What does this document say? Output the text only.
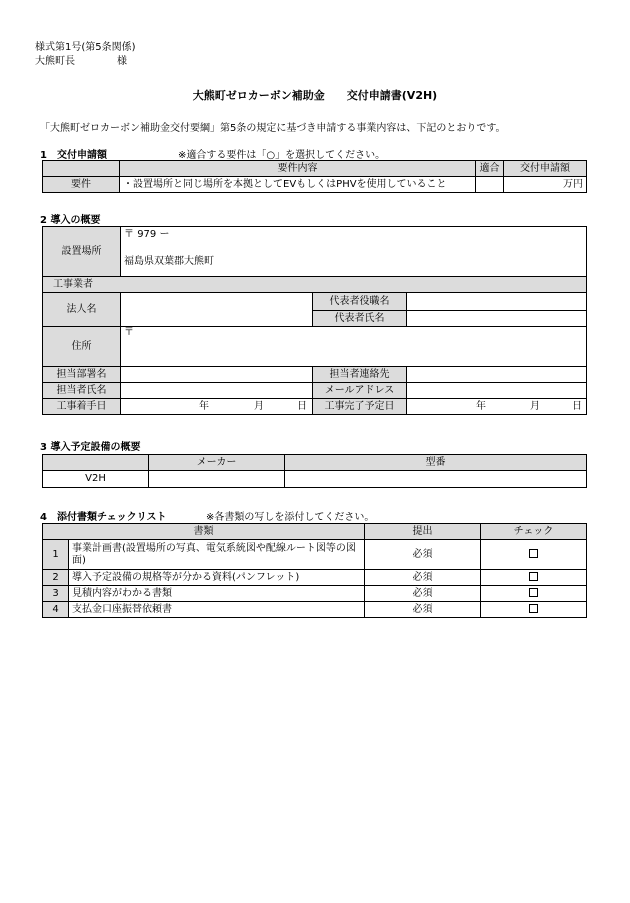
様式第1号(第5条関係)
大熊町長	様
大熊町ゼロカーボン補助金　　交付申請書(V2H)
「大熊町ゼロカーボン補助金交付要綱」第5条の規定に基づき申請する事業内容は、下記のとおりです。
1　交付申請額	※適合する要件は「○」を選択してください。
	要件内容	適合	交付申請額
要件	・設置場所と同じ場所を本拠としてEVもしくはPHVを使用していること		万円
2 導入の概要
設置場所	〒 979 ー
福島県双葉郡大熊町		

工事業者			
法人名		代表者役職名	
		代表者氏名	
住所	〒		
担当部署名		担当者連絡先	
担当者氏名		メールアドレス	
工事着手日	年 月 日	工事完了予定日	年 月 日
3 導入予定設備の概要
	メーカー	型番
V2H		
4　添付書類チェックリスト	※各書類の写しを添付してください。
書類		提出	チェック
1	事業計画書(設置場所の写真、電気系統図や配線ルート図等の図面)	必須	
2	導入予定設備の規格等が分かる資料(パンフレット)	必須	
3	見積内容がわかる書類	必須	
4	支払金口座振替依頼書	必須	
